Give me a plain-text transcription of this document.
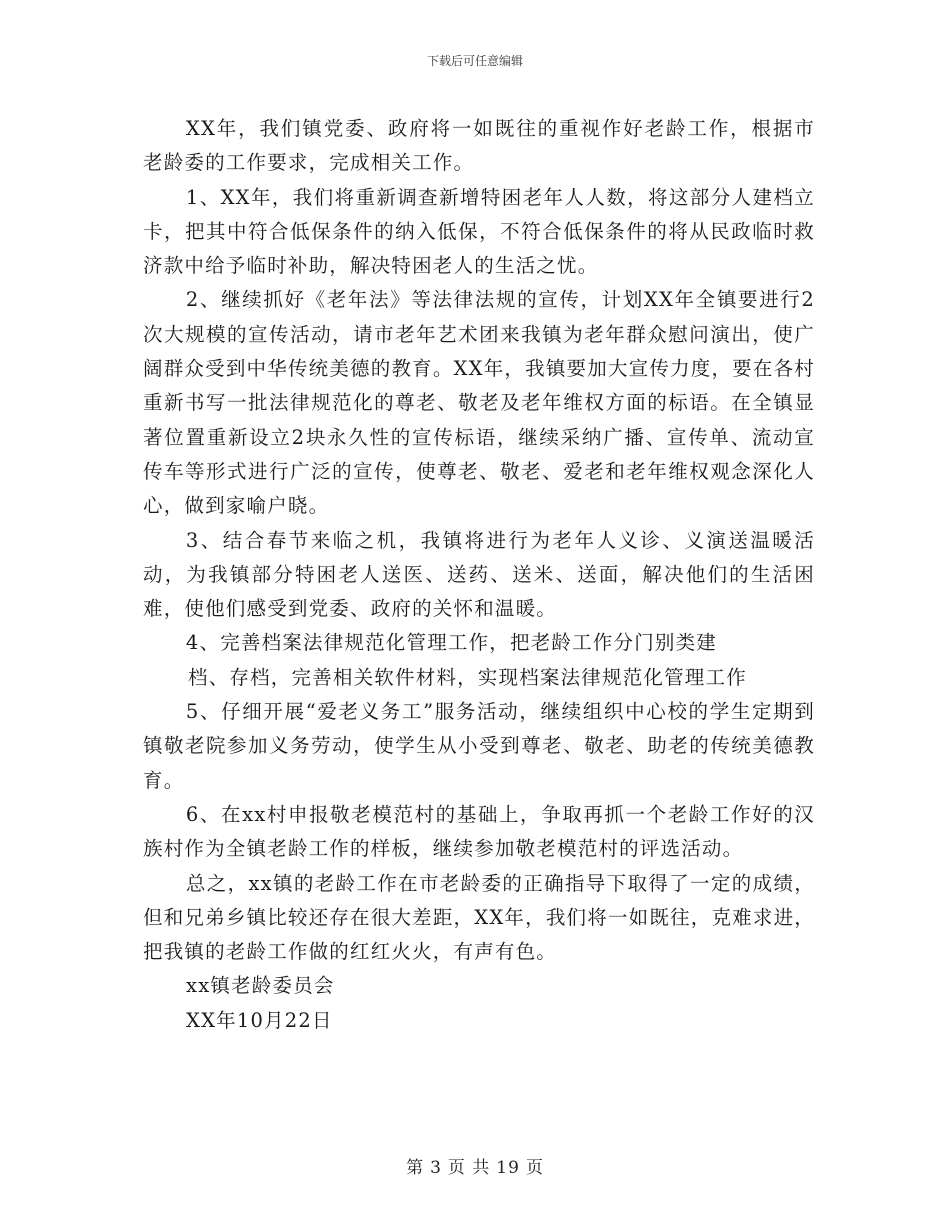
下载后可任意编辑

XX年，我们镇党委、政府将一如既往的重视作好老龄工作，根据市老龄委的工作要求，完成相关工作。

1、XX年，我们将重新调查新增特困老年人人数，将这部分人建档立卡，把其中符合低保条件的纳入低保，不符合低保条件的将从民政临时救济款中给予临时补助，解决特困老人的生活之忧。

2、继续抓好《老年法》等法律法规的宣传，计划XX年全镇要进行2次大规模的宣传活动，请市老年艺术团来我镇为老年群众慰问演出，使广阔群众受到中华传统美德的教育。XX年，我镇要加大宣传力度，要在各村重新书写一批法律规范化的尊老、敬老及老年维权方面的标语。在全镇显著位置重新设立2块永久性的宣传标语，继续采纳广播、宣传单、流动宣传车等形式进行广泛的宣传，使尊老、敬老、爱老和老年维权观念深化人心，做到家喻户晓。

3、结合春节来临之机，我镇将进行为老年人义诊、义演送温暖活动，为我镇部分特困老人送医、送药、送米、送面，解决他们的生活困难，使他们感受到党委、政府的关怀和温暖。

4、完善档案法律规范化管理工作，把老龄工作分门别类建

档、存档，完善相关软件材料，实现档案法律规范化管理工作

5、仔细开展“爱老义务工”服务活动，继续组织中心校的学生定期到镇敬老院参加义务劳动，使学生从小受到尊老、敬老、助老的传统美德教育。

6、在xx村申报敬老模范村的基础上，争取再抓一个老龄工作好的汉族村作为全镇老龄工作的样板，继续参加敬老模范村的评选活动。

总之，xx镇的老龄工作在市老龄委的正确指导下取得了一定的成绩，但和兄弟乡镇比较还存在很大差距，XX年，我们将一如既往，克难求进，把我镇的老龄工作做的红红火火，有声有色。

xx镇老龄委员会

XX年10月22日

第 3 页 共 19 页
